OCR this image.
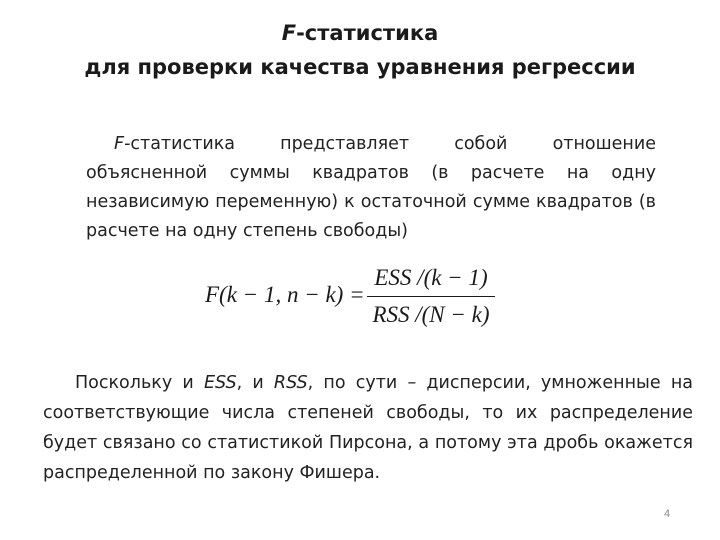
F-статистика
для проверки качества уравнения регрессии
F-статистика представляет собой отношение объясненной суммы квадратов (в расчете на одну независимую переменную) к остаточной сумме квадратов (в расчете на одну степень свободы)
F(k − 1, n − k) =
ESS /(k − 1)
RSS /(N − k)
Поскольку и ESS, и RSS, по сути – дисперсии, умноженные на соответствующие числа степеней свободы, то их распределение будет связано со статистикой Пирсона, а потому эта дробь окажется распределенной по закону Фишера.
4
